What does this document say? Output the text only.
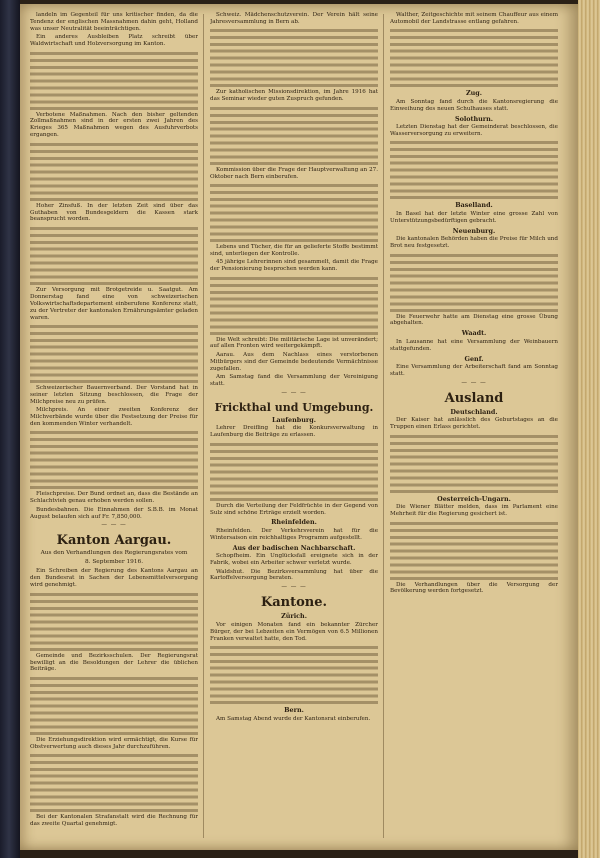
landeln im Gegenteil für uns kritischer finden, da die Tendenz der englischen Massnahmen dahin geht, Holland was unser Neutralität beeinträchtigen.

Ein anderes Ausbleiben Platz schreibt über Waldwirtschaft und Holzversorgung im Kanton.

Verbotene Maßnahmen. Nach den bisher geltenden Zollmaßnahmen sind in der ersten zwei Jahren des Krieges 365 Maßnahmen wegen des Ausfuhrverbots ergangen.

Hoher Zinsfuß. In der letzten Zeit sind über das Guthaben von Bundesgeldern die Kassen stark beansprucht worden.

Zur Versorgung mit Brotgetreide u. Saatgut. Am Donnerstag fand eine von schweizerischen Volkswirtschaftsdepartement einberufene Konferenz statt, zu der Vertreter der kantonalen Ernährungsämter geladen waren.

Schweizerischer Bauernverband. Der Vorstand hat in seiner letzten Sitzung beschlossen, die Frage der Milchpreise neu zu prüfen.

Milchpreis. An einer zweiten Konferenz der Milchverbände wurde über die Festsetzung der Preise für den kommenden Winter verhandelt.

Fleischpreise. Der Bund ordnet an, dass die Bestände an Schlachtvieh genau erhoben werden sollen.

Bundesbahnen. Die Einnahmen der S.B.B. im Monat August belaufen sich auf Fr. 7,850,000.

— — —
Kanton Aargau.
Aus den Verhandlungen des Regierungsrates vom
8. September 1916.

Ein Schreiben der Regierung des Kantons Aargau an den Bundesrat in Sachen der Lebensmittelversorgung wird genehmigt.

Gemeinde und Bezirksschulen. Der Regierungsrat bewilligt an die Besoldungen der Lehrer die üblichen Beiträge.

Die Erziehungsdirektion wird ermächtigt, die Kurse für Obstverwertung auch dieses Jahr durchzuführen.

Bei der Kantonalen Strafanstalt wird die Rechnung für das zweite Quartal genehmigt.

Schweiz. Mädchenschutzverein. Der Verein hält seine Jahresversammlung in Bern ab.

Zur katholischen Missionsdirektion, im Jahre 1916 hat das Seminar wieder guten Zuspruch gefunden.

Kommission über die Frage der Hauptverwaltung an 27. Oktober nach Bern einberufen.

Lebens und Tücher, die für an gelieferte Stoffe bestimmt sind, unterliegen der Kontrolle.

45 jährige Lehrerinnen sind gesammelt, damit die Frage der Pensionierung besprochen werden kann.

Die Welt schreibt: Die militärische Lage ist unverändert; auf allen Fronten wird weitergekämpft.

Aarau. Aus dem Nachlass eines verstorbenen Mitbürgers sind der Gemeinde bedeutende Vermächtnisse zugefallen.

Am Samstag fand die Versammlung der Vereinigung statt.

— — —
Frickthal und Umgebung.
Laufenburg.

Lehrer Dreifling hat die Konkursverwaltung in Laufenburg die Beiträge zu erlassen.

Durch die Verteilung der Feldfrüchte in der Gegend von Sulz sind schöne Erträge erzielt worden.

Rheinfelden.

Rheinfelden. Der Verkehrsverein hat für die Wintersaison ein reichhaltiges Programm aufgestellt.

Aus der badischen Nachbarschaft.

Schopfheim. Ein Unglücksfall ereignete sich in der Fabrik, wobei ein Arbeiter schwer verletzt wurde.

Waldshut. Die Bezirksversammlung hat über die Kartoffelversorgung beraten.

— — —
Kantone.
Zürich.

Vor einigen Monaten fand ein bekannter Zürcher Bürger, der bei Lebzeiten ein Vermögen von 6.5 Millionen Franken verwaltet hatte, den Tod.

Bern.

Am Samstag Abend wurde der Kantonsrat einberufen.

Walther, Zeitgeschichte mit seinem Chauffeur aus einem Automobil der Landstrasse entlang gefahren.

Zug.

Am Sonntag fand durch die Kantonsregierung die Einweihung des neuen Schulhauses statt.

Solothurn.

Letzten Dienstag hat der Gemeinderat beschlossen, die Wasserversorgung zu erweitern.

Baselland.

In Basel hat der letzte Winter eine grosse Zahl von Unterstützungsbedürftigen gebracht.

Neuenburg.

Die kantonalen Behörden haben die Preise für Milch und Brot neu festgesetzt.

Die Feuerwehr hatte am Dienstag eine grosse Übung abgehalten.

Waadt.

In Lausanne hat eine Versammlung der Weinbauern stattgefunden.

Genf.

Eine Versammlung der Arbeiterschaft fand am Sonntag statt.

— — —
Ausland
Deutschland.

Der Kaiser hat anlässlich des Geburtstages an die Truppen einen Erlass gerichtet.

Oesterreich-Ungarn.

Die Wiener Blätter melden, dass im Parlament eine Mehrheit für die Regierung gesichert ist.

Die Verhandlungen über die Versorgung der Bevölkerung werden fortgesetzt.
